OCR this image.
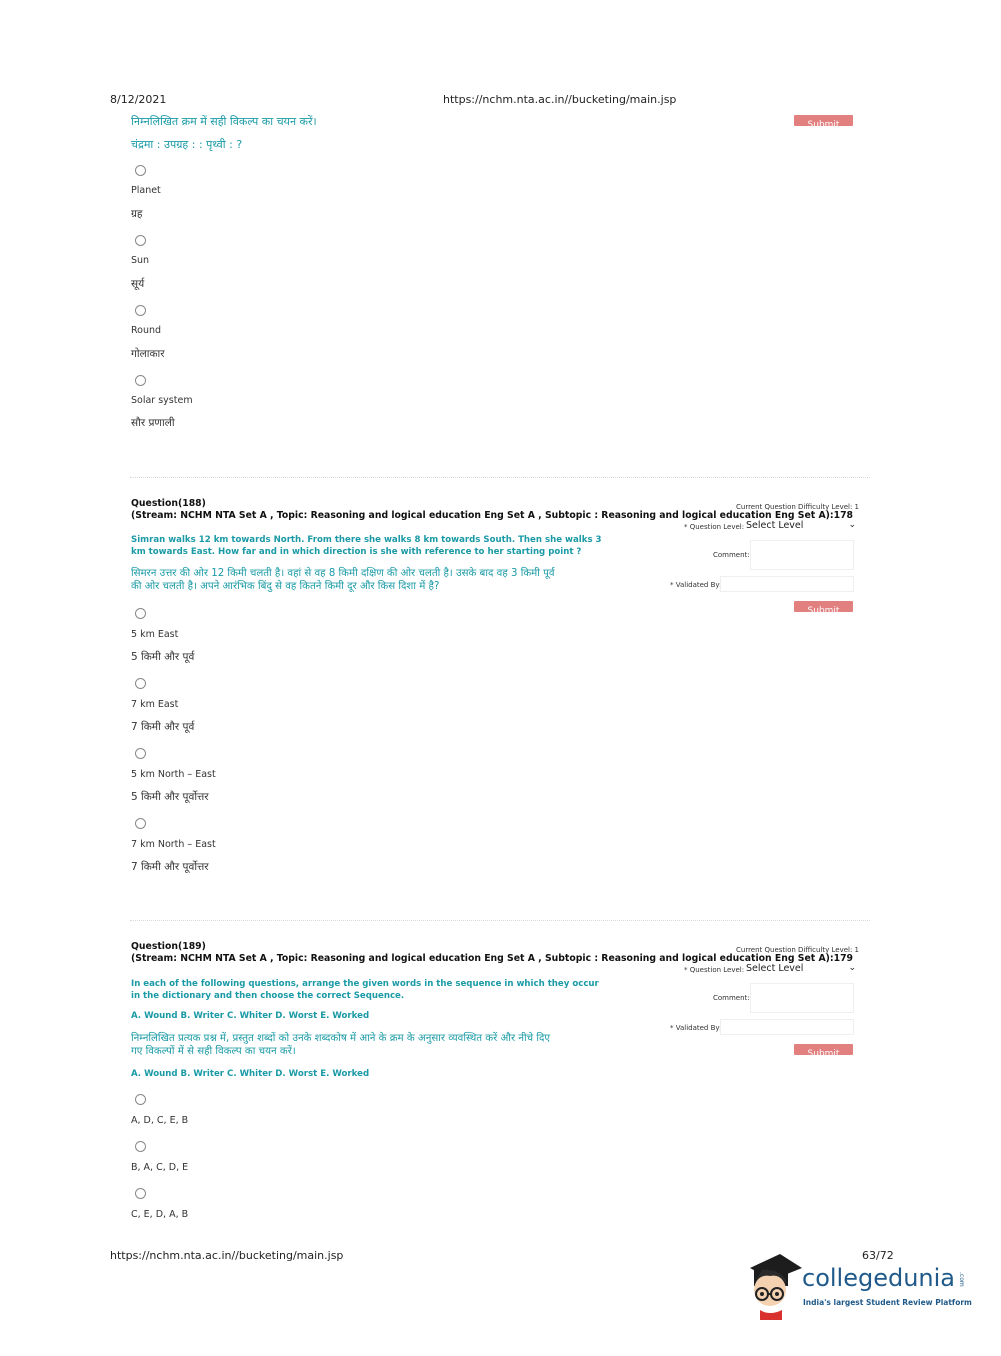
8/12/2021	https://nchm.nta.ac.in//bucketing/main.jsp
निम्नलिखित क्रम में सही विकल्प का चयन करें।
चंद्रमा : उपग्रह : : पृथ्वी : ?
Submit
Planet
ग्रह
Sun
सूर्य
Round
गोलाकार
Solar system
सौर प्रणाली
Question(188)
(Stream: NCHM NTA Set A , Topic: Reasoning and logical education Eng Set A , Subtopic : Reasoning and logical education Eng Set A):178
Current Question Difficulty Level: 1
* Question Level: Select Level	⌄
Comment:
* Validated By:
Submit
Simran walks 12 km towards North. From there she walks 8 km towards South. Then she walks 3
km towards East. How far and in which direction is she with reference to her starting point ?
सिमरन उत्तर की ओर 12 किमी चलती है। वहां से वह 8 किमी दक्षिण की ओर चलती है। उसके बाद वह 3 किमी पूर्व
की ओर चलती है। अपने आरंभिक बिंदु से वह कितने किमी दूर और किस दिशा में है?
5 km East
5 किमी और पूर्व
7 km East
7 किमी और पूर्व
5 km North – East
5 किमी और पूर्वोत्तर
7 km North – East
7 किमी और पूर्वोत्तर
Question(189)
(Stream: NCHM NTA Set A , Topic: Reasoning and logical education Eng Set A , Subtopic : Reasoning and logical education Eng Set A):179
Current Question Difficulty Level: 1
* Question Level: Select Level	⌄
Comment:
* Validated By:
Submit
In each of the following questions, arrange the given words in the sequence in which they occur
in the dictionary and then choose the correct Sequence.
A. Wound B. Writer C. Whiter D. Worst E. Worked
निम्नलिखित प्रत्यक प्रश्न में, प्रस्तुत शब्दों को उनके शब्दकोष में आने के क्रम के अनुसार व्यवस्थित करें और नीचे दिए
गए विकल्पों में से सही विकल्प का चयन करें।
A. Wound B. Writer C. Whiter D. Worst E. Worked
A, D, C, E, B
B, A, C, D, E
C, E, D, A, B
https://nchm.nta.ac.in//bucketing/main.jsp	63/72
collegedunia .com
India's largest Student Review Platform
